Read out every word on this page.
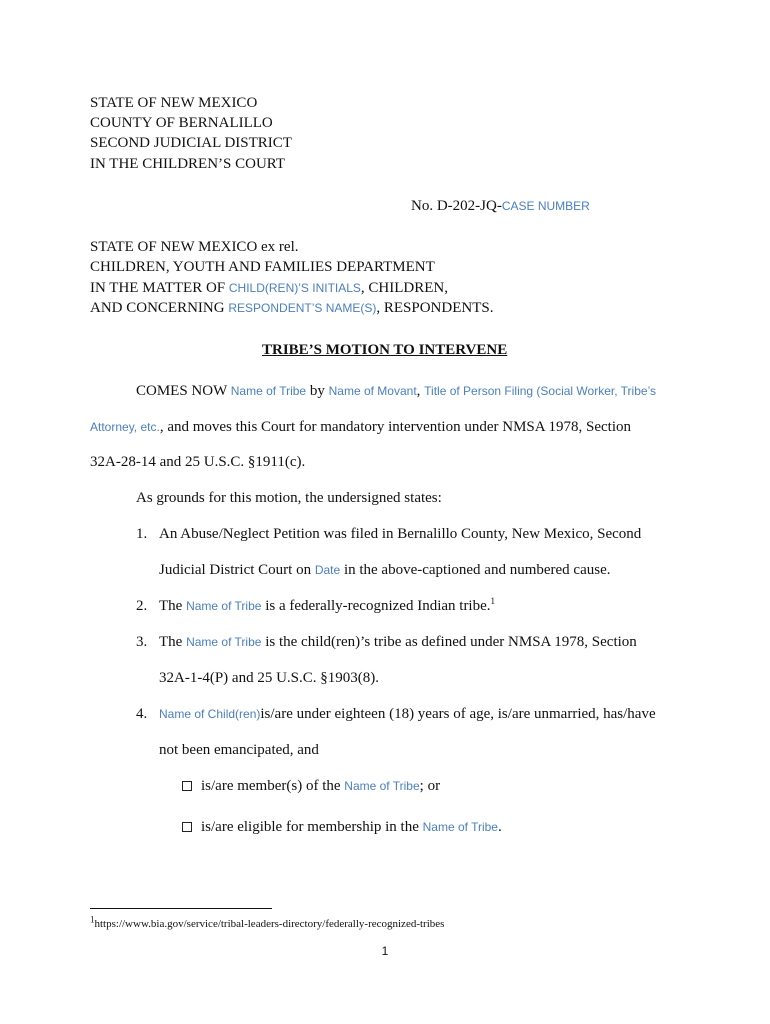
STATE OF NEW MEXICO
COUNTY OF BERNALILLO
SECOND JUDICIAL DISTRICT
IN THE CHILDREN’S COURT
No. D-202-JQ-CASE NUMBER
STATE OF NEW MEXICO ex rel.
CHILDREN, YOUTH AND FAMILIES DEPARTMENT
IN THE MATTER OF CHILD(REN)’S INITIALS, CHILDREN,
AND CONCERNING RESPONDENT’S NAME(S), RESPONDENTS.
TRIBE’S MOTION TO INTERVENE
COMES NOW Name of Tribe by Name of Movant, Title of Person Filing (Social Worker, Tribe’s
Attorney, etc., and moves this Court for mandatory intervention under NMSA 1978, Section
32A-28-14 and 25 U.S.C. §1911(c).
As grounds for this motion, the undersigned states:
1. An Abuse/Neglect Petition was filed in Bernalillo County, New Mexico, Second
Judicial District Court on Date in the above-captioned and numbered cause.
2. The Name of Tribe is a federally-recognized Indian tribe.$^1$
3. The Name of Tribe is the child(ren)’s tribe as defined under NMSA 1978, Section
32A-1-4(P) and 25 U.S.C. §1903(8).
4. Name of Child(ren)is/are under eighteen (18) years of age, is/are unmarried, has/have
not been emancipated, and
is/are member(s) of the Name of Tribe; or
is/are eligible for membership in the Name of Tribe.
$^1$https://www.bia.gov/service/tribal-leaders-directory/federally-recognized-tribes
1
